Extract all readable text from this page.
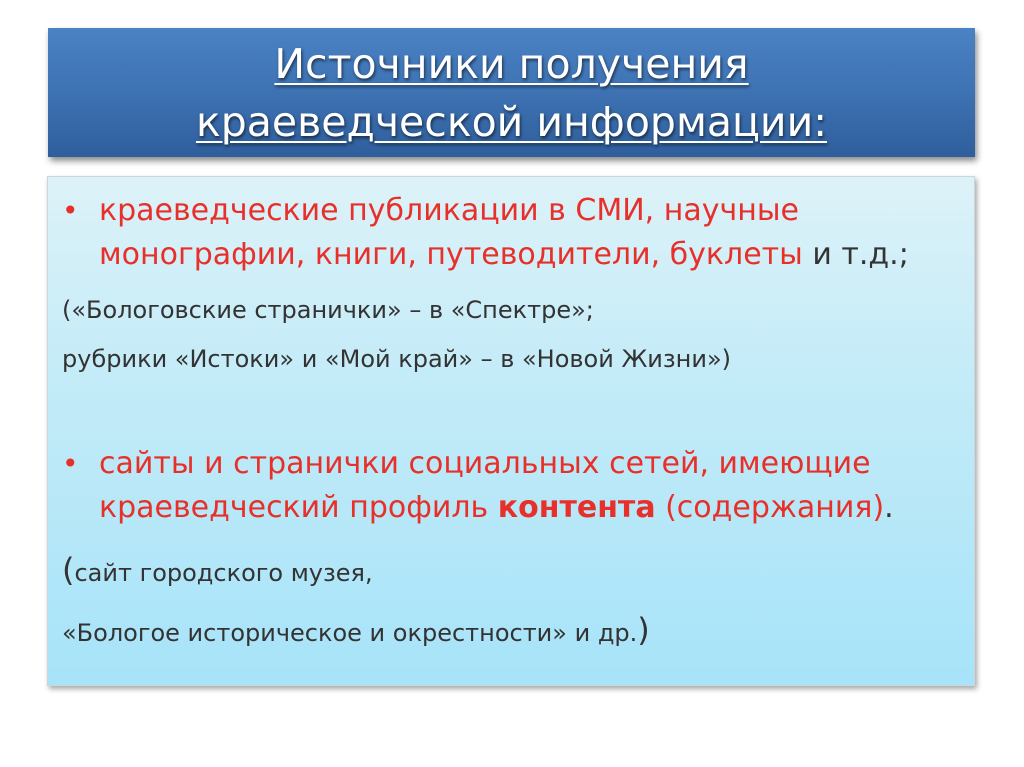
Источники получения
краеведческой информации:
• краеведческие публикации в СМИ, научные
монографии, книги, путеводители, буклеты и т.д.;
(«Бологовские странички» – в «Спектре»;
рубрики «Истоки» и «Мой край» – в «Новой Жизни»)
• сайты и странички социальных сетей, имеющие
краеведческий профиль контента (содержания).
(сайт городского музея,
«Бологое историческое и окрестности» и др.)
